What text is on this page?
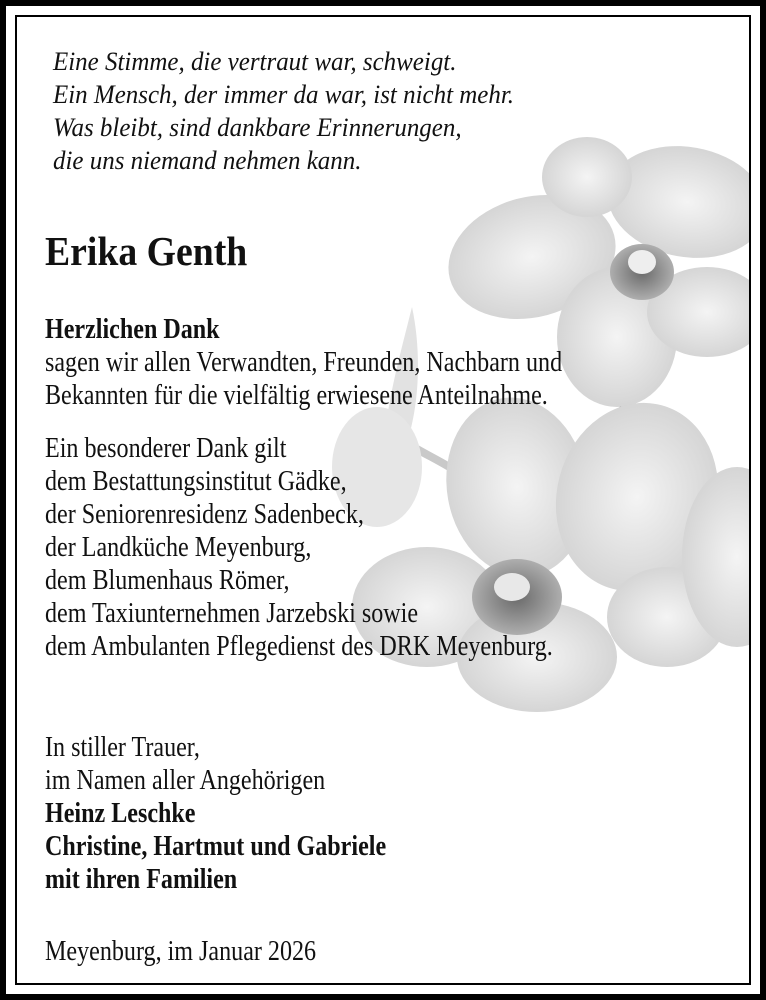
Eine Stimme, die vertraut war, schweigt.
Ein Mensch, der immer da war, ist nicht mehr.
Was bleibt, sind dankbare Erinnerungen,
die uns niemand nehmen kann.
Erika Genth
Herzlichen Dank
sagen wir allen Verwandten, Freunden, Nachbarn und
Bekannten für die vielfältig erwiesene Anteilnahme.
Ein besonderer Dank gilt
dem Bestattungsinstitut Gädke,
der Seniorenresidenz Sadenbeck,
der Landküche Meyenburg,
dem Blumenhaus Römer,
dem Taxiunternehmen Jarzebski sowie
dem Ambulanten Pflegedienst des DRK Meyenburg.
In stiller Trauer,
im Namen aller Angehörigen
Heinz Leschke
Christine, Hartmut und Gabriele
mit ihren Familien
Meyenburg, im Januar 2026
